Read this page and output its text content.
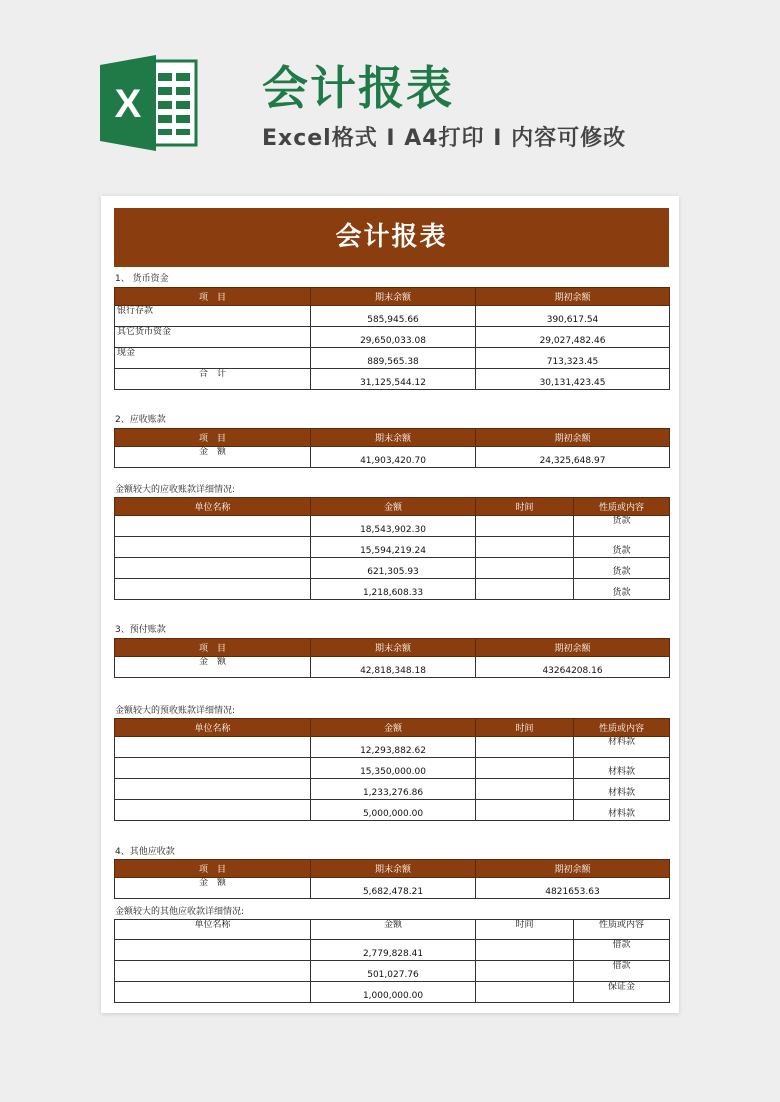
X	会计报表
Excel格式 I A4打印 I 内容可修改
会计报表
1、 货币资金
项　目	期末余额	期初余额
银行存款	585,945.66	390,617.54
其它货币资金	29,650,033.08	29,027,482.46
现金	889,565.38	713,323.45
合　计	31,125,544.12	30,131,423.45
2、应收账款
项　目	期末余额	期初余额
金　额	41,903,420.70	24,325,648.97
金额较大的应收账款详细情况:
单位名称	金额	时间	性质或内容
	18,543,902.30		货款
	15,594,219.24		货款
	621,305.93		货款
	1,218,608.33		货款
3、预付账款
项　目	期末余额	期初余额
金　额	42,818,348.18	43264208.16
金额较大的预收账款详细情况:
单位名称	金额	时间	性质或内容
	12,293,882.62		材料款
	15,350,000.00		材料款
	1,233,276.86		材料款
	5,000,000.00		材料款
4、其他应收款
项　目	期末余额	期初余额
金　额	5,682,478.21	4821653.63
金额较大的其他应收款详细情况:
单位名称	金额	时间	性质或内容
	2,779,828.41		借款
	501,027.76		借款
	1,000,000.00		保证金
